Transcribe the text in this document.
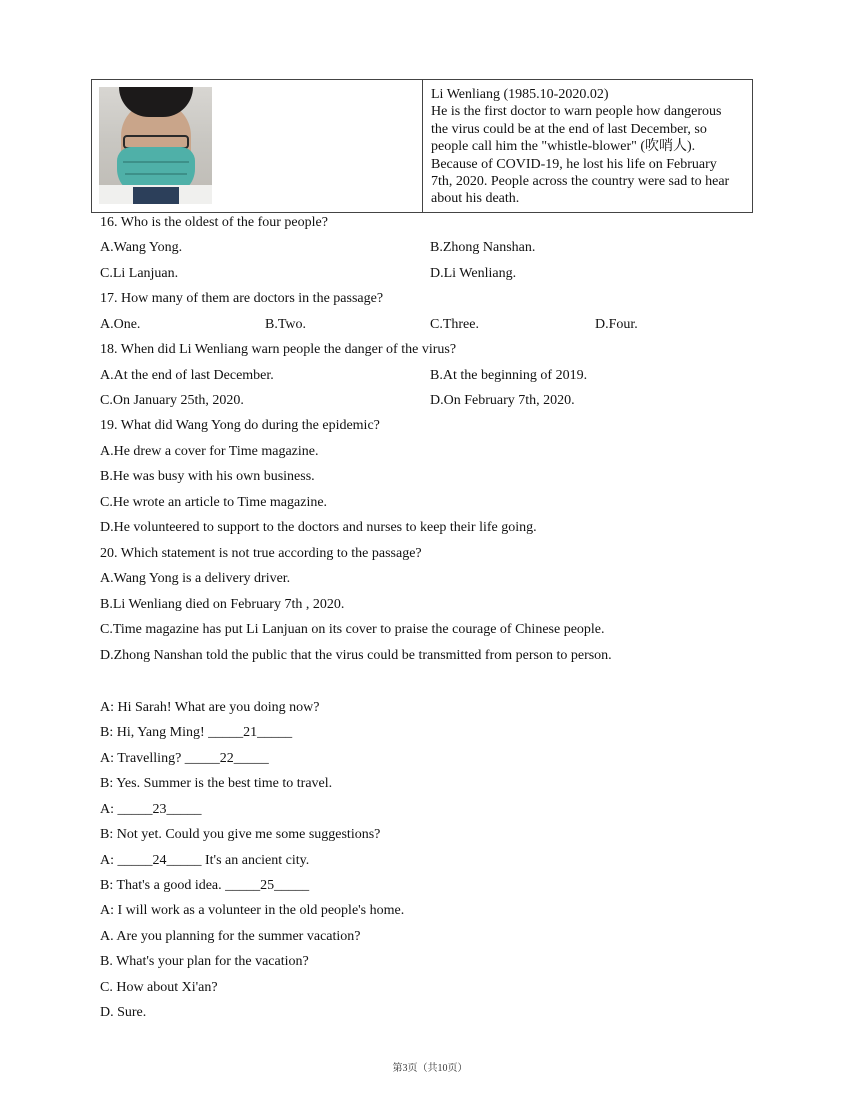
Li Wenliang (1985.10-2020.02)
He is the first doctor to warn people how dangerous
the virus could be at the end of last December, so
people call him the "whistle-blower" (吹哨人).
Because of COVID-19, he lost his life on February
7th, 2020. People across the country were sad to hear
about his death.
16. Who is the oldest of the four people?
A.Wang Yong.	B.Zhong Nanshan.
C.Li Lanjuan.	D.Li Wenliang.
17. How many of them are doctors in the passage?
A.One.	B.Two.	C.Three.	D.Four.
18. When did Li Wenliang warn people the danger of the virus?
A.At the end of last December.	B.At the beginning of 2019.
C.On January 25th, 2020.	D.On February 7th, 2020.
19. What did Wang Yong do during the epidemic?
A.He drew a cover for Time magazine.
B.He was busy with his own business.
C.He wrote an article to Time magazine.
D.He volunteered to support to the doctors and nurses to keep their life going.
20. Which statement is not true according to the passage?
A.Wang Yong is a delivery driver.
B.Li Wenliang died on February 7th , 2020.
C.Time magazine has put Li Lanjuan on its cover to praise the courage of Chinese people.
D.Zhong Nanshan told the public that the virus could be transmitted from person to person.
A: Hi Sarah! What are you doing now?
B: Hi, Yang Ming! _____21_____
A: Travelling? _____22_____
B: Yes. Summer is the best time to travel.
A: _____23_____
B: Not yet. Could you give me some suggestions?
A: _____24_____ It's an ancient city.
B: That's a good idea. _____25_____
A: I will work as a volunteer in the old people's home.
A. Are you planning for the summer vacation?
B. What's your plan for the vacation?
C. How about Xi'an?
D. Sure.
第3页（共10页）
